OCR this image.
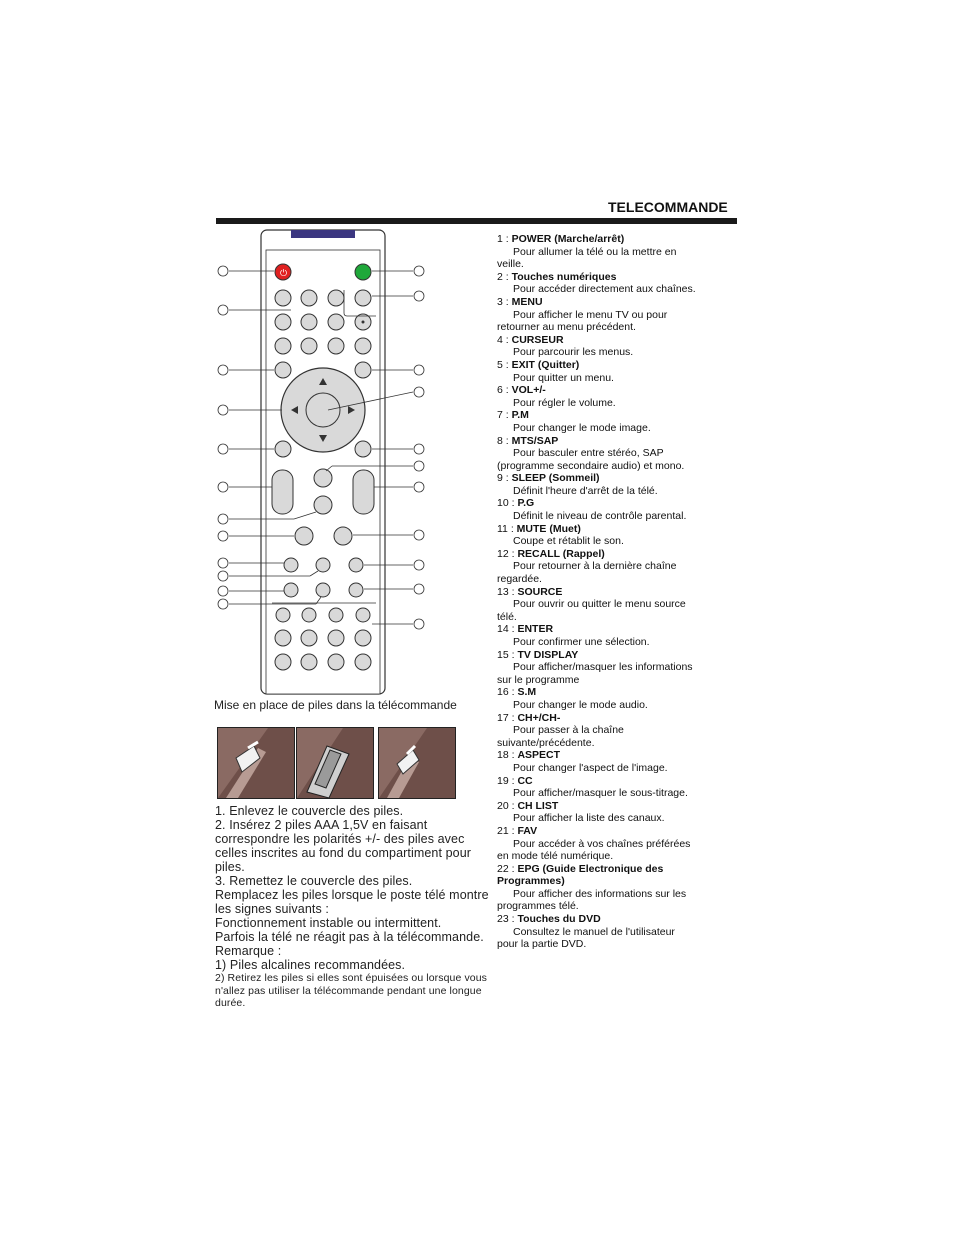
TELECOMMANDE
⏻
Mise en place de piles dans la télécommande
1. Enlevez le couvercle des piles.
2. Insérez 2 piles AAA 1,5V en faisant correspondre les polarités +/- des piles avec celles inscrites au fond du compartiment pour piles.
3. Remettez le couvercle des piles.
Remplacez les piles lorsque le poste télé montre les signes suivants :
Fonctionnement instable ou intermittent.
Parfois la télé ne réagit pas à la télécommande.
Remarque :
1) Piles alcalines recommandées.
2) Retirez les piles si elles sont épuisées ou lorsque vous n'allez pas utiliser la télécommande pendant une longue durée.
1 : POWER (Marche/arrêt)
Pour allumer la télé ou la mettre en veille.
2 : Touches numériques
Pour accéder directement aux chaînes.
3 : MENU
Pour afficher le menu TV ou pour retourner au menu précédent.
4 : CURSEUR
Pour parcourir les menus.
5 : EXIT (Quitter)
Pour quitter un menu.
6 : VOL+/-
Pour régler le volume.
7 : P.M
Pour changer le mode image.
8 : MTS/SAP
Pour basculer entre stéréo, SAP (programme secondaire audio) et mono.
9 : SLEEP (Sommeil)
Définit l'heure d'arrêt de la télé.
10 : P.G
Définit le niveau de contrôle parental.
11 : MUTE (Muet)
Coupe et rétablit le son.
12 : RECALL (Rappel)
Pour retourner à la dernière chaîne regardée.
13 : SOURCE
Pour ouvrir ou quitter le menu source télé.
14 : ENTER
Pour confirmer une sélection.
15 : TV DISPLAY
Pour afficher/masquer les informations sur le programme
16 : S.M
Pour changer le mode audio.
17 : CH+/CH-
Pour passer à la chaîne suivante/précédente.
18 : ASPECT
Pour changer l'aspect de l'image.
19 : CC
Pour afficher/masquer le sous-titrage.
20 : CH LIST
Pour afficher la liste des canaux.
21 : FAV
Pour accéder à vos chaînes préférées en mode télé numérique.
22 : EPG (Guide Electronique des Programmes)
Pour afficher des informations sur les programmes télé.
23 : Touches du DVD
Consultez le manuel de l'utilisateur pour la partie DVD.
